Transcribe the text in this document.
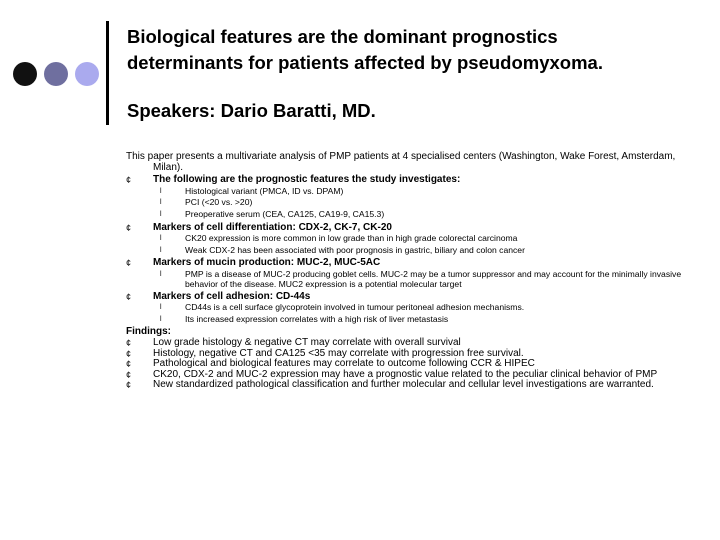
Biological features are the dominant prognostics
determinants for patients affected by pseudomyxoma.
Speakers: Dario Baratti, MD.

This paper presents a multivariate analysis of PMP patients at 4 specialised centers (Washington, Wake Forest, Amsterdam, Milan).

¢	The following are the prognostic features the study investigates:
l	Histological variant (PMCA, ID vs. DPAM)
l	PCI (<20 vs. >20)
l	Preoperative serum (CEA, CA125, CA19-9, CA15.3)
¢	Markers of cell differentiation: CDX-2, CK-7, CK-20
l	CK20 expression is more common in low grade than in high grade colorectal carcinoma
l	Weak CDX-2 has been associated with poor prognosis in gastric, biliary and colon cancer
¢	Markers of mucin production: MUC-2, MUC-5AC
l	PMP is a disease of MUC-2 producing goblet cells. MUC-2 may be a tumor suppressor and may account for the minimally invasive behavior of the disease. MUC2 expression is a potential molecular target
¢	Markers of cell adhesion: CD-44s
l	CD44s is a cell surface glycoprotein involved in tumour peritoneal adhesion mechanisms.
l	Its increased expression correlates with a high risk of liver metastasis
Findings:
¢	Low grade histology & negative CT may correlate with overall survival
¢	Histology, negative CT and CA125 <35 may correlate with progression free survival.
¢	Pathological and biological features may correlate to outcome following CCR & HIPEC
¢	CK20, CDX-2 and MUC-2 expression may have a prognostic value related to the peculiar clinical behavior of PMP
¢	New standardized pathological classification and further molecular and cellular level investigations are warranted.
